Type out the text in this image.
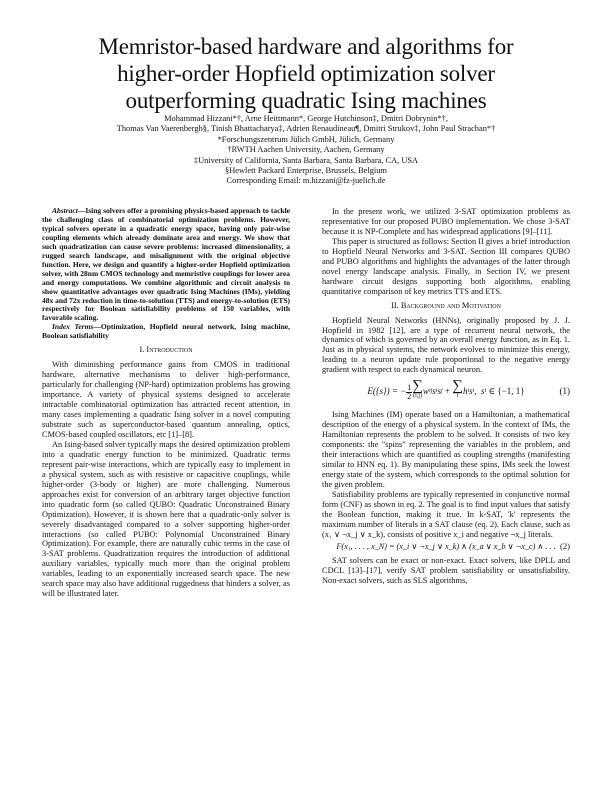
Memristor-based hardware and algorithms for
higher-order Hopfield optimization solver
outperforming quadratic Ising machines
Mohammad Hizzani*†, Arne Heittmann*, George Hutchinson‡, Dmitri Dobrynin*†,
Thomas Van Vaerenbergh§, Tinish Bhattacharya‡, Adrien Renaudineau¶, Dmitri Strukov‡, John Paul Strachan*†
*Forschungszentrum Jülich GmbH, Jülich, Germany
†RWTH Aachen University, Aachen, Germany
‡University of California, Santa Barbara, Santa Barbara, CA, USA
§Hewlett Packard Enterprise, Brussels, Belgium
Corresponding Email: m.hizzani@fz-juelich.de

Abstract—Ising solvers offer a promising physics-based approach to tackle the challenging class of combinatorial optimization problems. However, typical solvers operate in a quadratic energy space, having only pair-wise coupling elements which already dominate area and energy. We show that such quadratization can cause severe problems: increased dimensionality, a rugged search landscape, and misalignment with the original objective function. Here, we design and quantify a higher-order Hopfield optimization solver, with 28nm CMOS technology and memristive couplings for lower area and energy computations. We combine algorithmic and circuit analysis to show quantitative advantages over quadratic Ising Machines (IMs), yielding 48x and 72x reduction in time-to-solution (TTS) and energy-to-solution (ETS) respectively for Boolean satisfiability problems of 150 variables, with favorable scaling.

Index Terms—Optimization, Hopfield neural network, Ising machine, Boolean satisfiability

I. Introduction

With diminishing performance gains from CMOS in traditional hardware, alternative mechanisms to deliver high-performance, particularly for challenging (NP-hard) optimization problems has growing importance. A variety of physical systems designed to accelerate intractable combinatorial optimization has attracted recent attention, in many cases implementing a quadratic Ising solver in a novel computing substrate such as superconductor-based quantum annealing, optics, CMOS-based coupled oscillators, etc [1]–[8].

An Ising-based solver typically maps the desired optimization problem into a quadratic energy function to be minimized. Quadratic terms represent pair-wise interactions, which are typically easy to implement in a physical system, such as with resistive or capacitive couplings, while higher-order (3-body or higher) are more challenging. Numerous approaches exist for conversion of an arbitrary target objective function into quadratic form (so called QUBO: Quadratic Unconstrained Binary Optimization). However, it is shown here that a quadratic-only solver is severely disadvantaged compared to a solver supporting higher-order interactions (so called PUBO: Polynomial Unconstrained Binary Optimization). For example, there are naturally cubic terms in the case of 3-SAT problems. Quadratization requires the introduction of additional auxiliary variables, typically much more than the original problem variables, leading to an exponentially increased search space. The new search space may also have additional ruggedness that hinders a solver, as will be illustrated later.

In the present work, we utilized 3-SAT optimization problems as representative for our proposed PUBO implementation. We chose 3-SAT because it is NP-Complete and has widespread applications [9]–[11].

This paper is structured as follows: Section II gives a brief introduction to Hopfield Neural Networks and 3-SAT. Section III compares QUBO and PUBO algorithms and highlights the advantages of the latter through novel energy landscape analysis. Finally, in Section IV, we present hardware circuit designs supporting both algorithms, enabling quantitative comparison of key metrics TTS and ETS.

II. Background and Motivation

Hopfield Neural Networks (HNNs), originally proposed by J. J. Hopfield in 1982 [12], are a type of recurrent neural network, the dynamics of which is governed by an overall energy function, as in Eq. 1. Just as in physical systems, the network evolves to minimize this energy, leading to a neuron update rule proportional to the negative energy gradient with respect to each dynamical neuron.

E({s}) = − $\frac{1}{2}$ ∑
(i,j) w ij s i s j + ∑
i h i s i ,  s i ∈ {−1, 1}	(1)

Ising Machines (IM) operate based on a Hamiltonian, a mathematical description of the energy of a physical system. In the context of IMs, the Hamiltonian represents the problem to be solved. It consists of two key components: the "spins" representing the variables in the problem, and their interactions which are quantified as coupling strengths (manifesting similar to HNN eq. 1). By manipulating these spins, IMs seek the lowest energy state of the system, which corresponds to the optimal solution for the given problem.

Satisfiability problems are typically represented in conjunctive normal form (CNF) as shown in eq. 2. The goal is to find input values that satisfy the Boolean function, making it true. In k-SAT, 'k' represents the maximum number of literals in a SAT clause (eq. 2). Each clause, such as (x₁ ∨ ¬x_j ∨ x_k), consists of positive x_i and negative ¬x_j literals.

F(x₁, . . . , x_N) = (x_i ∨ ¬x_j ∨ x_k) ∧ (x_a ∨ x_b ∨ ¬x_c) ∧ . . . (2)

SAT solvers can be exact or non-exact. Exact solvers, like DPLL and CDCL [13]–[17], verify SAT problem satisfiability or unsatisfiability. Non-exact solvers, such as SLS algorithms,
